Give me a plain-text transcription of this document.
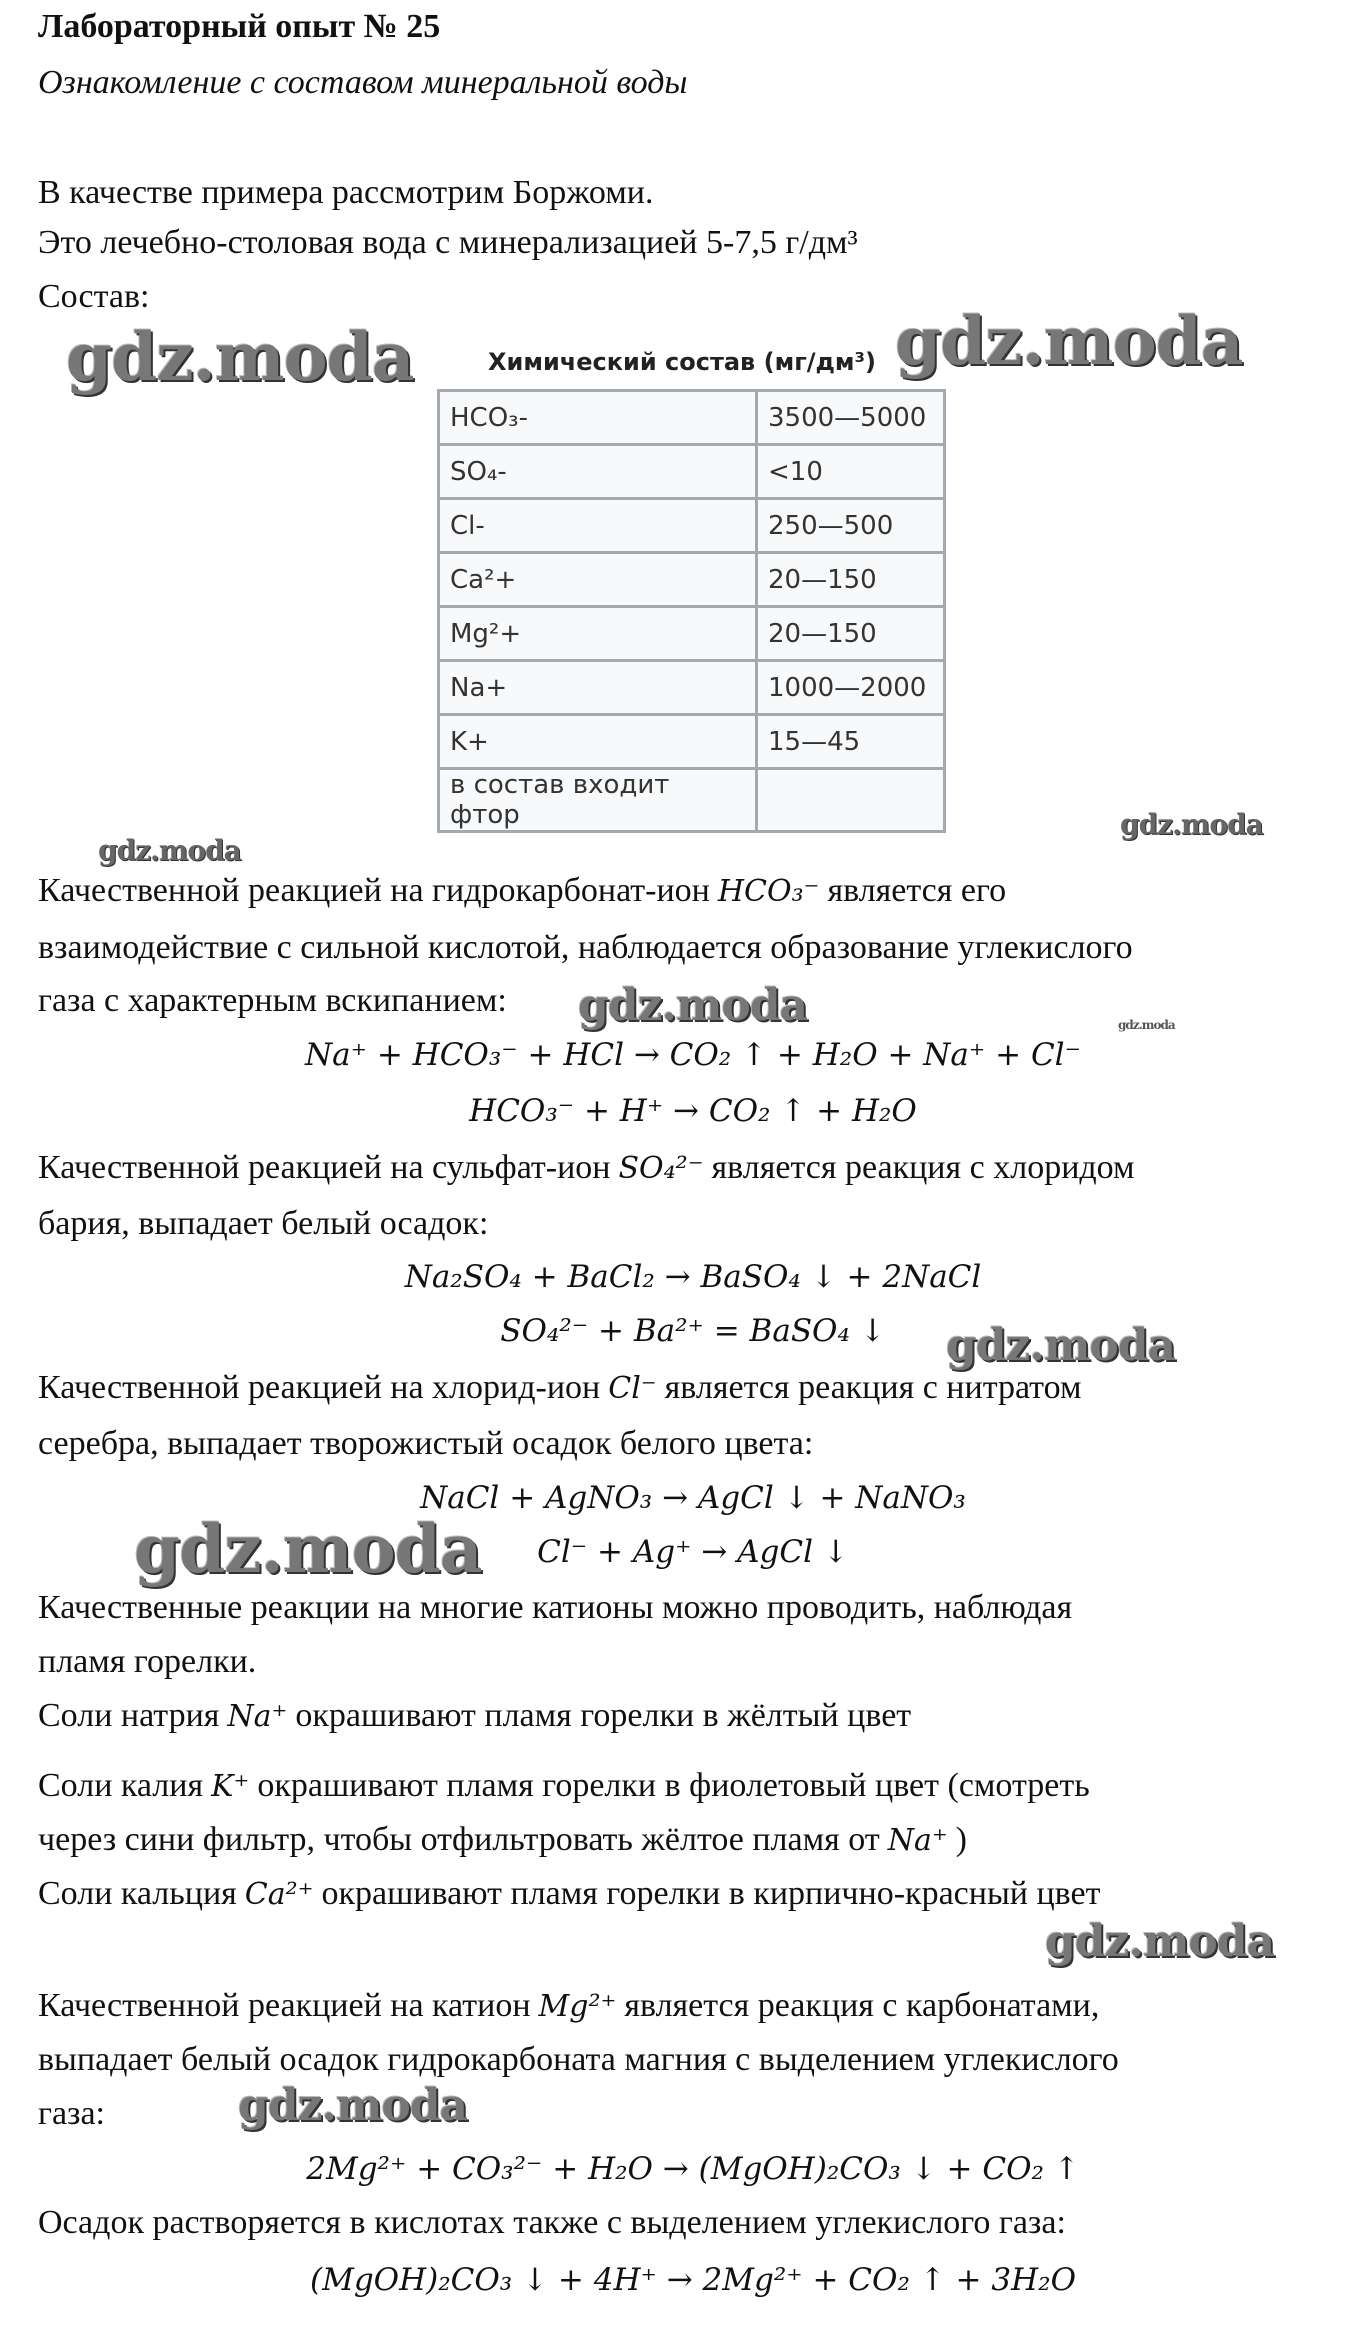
Лабораторный опыт № 25
Ознакомление с составом минеральной воды
В качестве примера рассмотрим Боржоми.
Это лечебно-столовая вода с минерализацией 5-7,5 г/дм³
Состав:
Химический состав (мг/дм³)
HCO₃-	3500—5000
SO₄-	<10
Cl-	250—500
Ca²+	20—150
Mg²+	20—150
Na+	1000—2000
K+	15—45
в состав входит фтор	
Качественной реакцией на гидрокарбонат-ион HCO₃⁻ является его
взаимодействие с сильной кислотой, наблюдается образование углекислого
газа с характерным вскипанием:
Na⁺ + HCO₃⁻ + HCl → CO₂ ↑ + H₂O + Na⁺ + Cl⁻
HCO₃⁻ + H⁺ → CO₂ ↑ + H₂O
Качественной реакцией на сульфат-ион SO₄²⁻ является реакция с хлоридом
бария, выпадает белый осадок:
Na₂SO₄ + BaCl₂ → BaSO₄ ↓ + 2NaCl
SO₄²⁻ + Ba²⁺ = BaSO₄ ↓
Качественной реакцией на хлорид-ион Cl⁻ является реакция с нитратом
серебра, выпадает творожистый осадок белого цвета:
NaCl + AgNO₃ → AgCl ↓ + NaNO₃
Cl⁻ + Ag⁺ → AgCl ↓
Качественные реакции на многие катионы можно проводить, наблюдая
пламя горелки.
Соли натрия Na⁺ окрашивают пламя горелки в жёлтый цвет
Соли калия K⁺ окрашивают пламя горелки в фиолетовый цвет (смотреть
через сини фильтр, чтобы отфильтровать жёлтое пламя от Na⁺ )
Соли кальция Ca²⁺ окрашивают пламя горелки в кирпично-красный цвет
Качественной реакцией на катион Mg²⁺ является реакция с карбонатами,
выпадает белый осадок гидрокарбоната магния с выделением углекислого
газа:
2Mg²⁺ + CO₃²⁻ + H₂O → (MgOH)₂CO₃ ↓ + CO₂ ↑
Осадок растворяется в кислотах также с выделением углекислого газа:
(MgOH)₂CO₃ ↓ + 4H⁺ → 2Mg²⁺ + CO₂ ↑ + 3H₂O
gdz.moda	gdz.moda
gdz.moda
gdz.moda
gdz.moda	gdz.moda
gdz.moda
gdz.moda
gdz.moda
gdz.moda
